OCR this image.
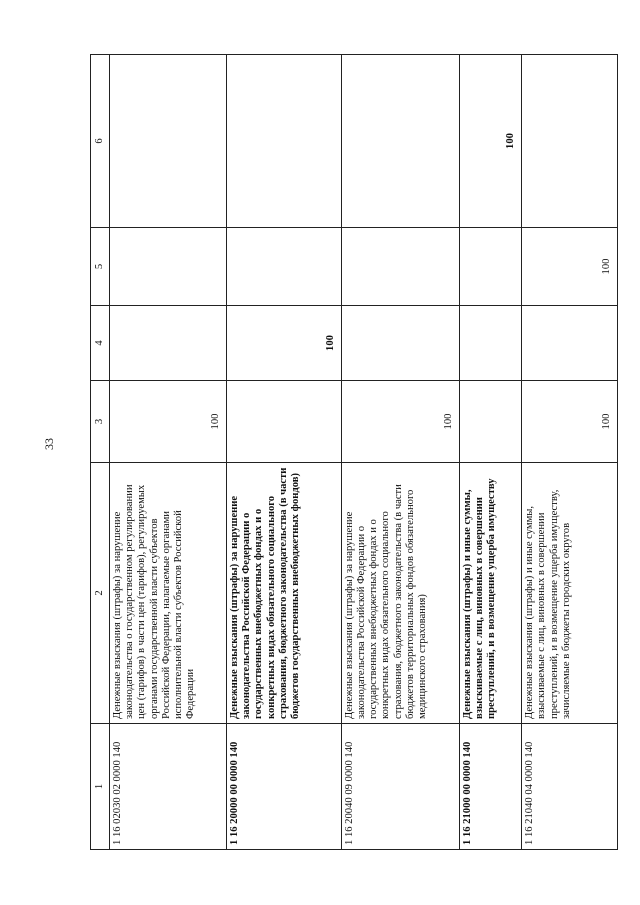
33
1	2	3	4	5	6
1 16 02030 02 0000 140	Денежные взыскания (штрафы) за нарушение законодательства о государственном регулировании цен (тарифов) в части цен (тарифов), регулируемых органами государственной власти субъектов Российской Федерации, налагаемые органами исполнительной власти субъектов Российской Федерации	100			
1 16 20000 00 0000 140	Денежные взыскания (штрафы) за нарушение законодательства Российской Федерации о государственных внебюджетных фондах и о конкретных видах обязательного социального страхования, бюджетного законодательства (в части бюджетов государственных внебюджетных фондов)		100		
1 16 20040 09 0000 140	Денежные взыскания (штрафы) за нарушение законодательства Российской Федерации о государственных внебюджетных фондах и о конкретных видах обязательного социального страхования, бюджетного законодательства (в части бюджетов территориальных фондов обязательного медицинского страхования)	100			
1 16 21000 00 0000 140	Денежные взыскания (штрафы) и иные суммы, взыскиваемые с лиц, виновных в совершении преступлений, и в возмещение ущерба имуществу				100
1 16 21040 04 0000 140	Денежные взыскания (штрафы) и иные суммы, взыскиваемые с лиц, виновных в совершении преступлений, и в возмещение ущерба имуществу, зачисляемые в бюджеты городских округов	100		100	
